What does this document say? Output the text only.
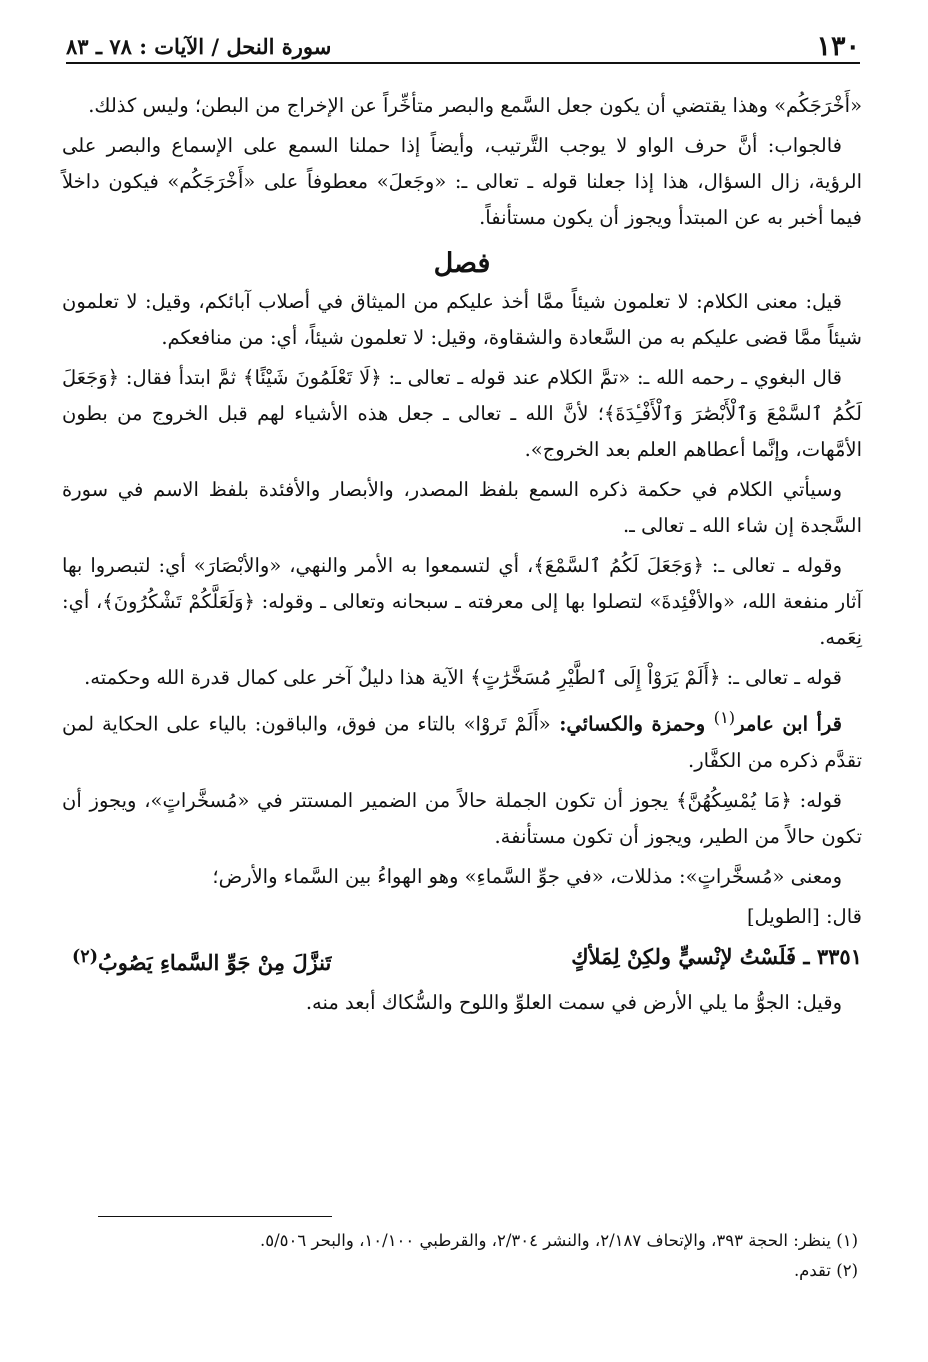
١٣٠
سورة النحل / الآيات : ٧٨ ـ ٨٣

«أَخْرَجَكُم» وهذا يقتضي أن يكون جعل السَّمع والبصر متأخِّراً عن الإخراج من البطن؛ وليس كذلك.

فالجواب: أنَّ حرف الواو لا يوجب التَّرتيب، وأيضاً إذا حملنا السمع على الإسماع والبصر على الرؤية، زال السؤال، هذا إذا جعلنا قوله ـ تعالى ـ: «وجَعلَ» معطوفاً على «أَخْرَجَكُم» فيكون داخلاً فيما أخبر به عن المبتدأ ويجوز أن يكون مستأنفاً.

فصل

قيل: معنى الكلام: لا تعلمون شيئاً ممَّا أخذ عليكم من الميثاق في أصلاب آبائكم، وقيل: لا تعلمون شيئاً ممَّا قضى عليكم به من السَّعادة والشقاوة، وقيل: لا تعلمون شيئاً، أي: من منافعكم.

قال البغوي ـ رحمه الله ـ: «تمَّ الكلام عند قوله ـ تعالى ـ: ﴿لَا تَعْلَمُونَ شَيْئًا﴾ ثمَّ ابتدأ فقال: ﴿وَجَعَلَ لَكُمُ ٱلسَّمْعَ وَٱلْأَبْصَٰرَ وَٱلْأَفْـِٔدَةَ﴾؛ لأنَّ الله ـ تعالى ـ جعل هذه الأشياء لهم قبل الخروج من بطون الأمَّهات، وإنَّما أعطاهم العلم بعد الخروج».

وسيأتي الكلام في حكمة ذكره السمع بلفظ المصدر، والأبصار والأفئدة بلفظ الاسم في سورة السَّجدة إن شاء الله ـ تعالى ـ.

وقوله ـ تعالى ـ: ﴿وَجَعَلَ لَكُمُ ٱلسَّمْعَ﴾، أي لتسمعوا به الأمر والنهي، «والأبْصَارَ» أي: لتبصروا بها آثار منفعة الله، «والأفْئِدةَ» لتصلوا بها إلى معرفته ـ سبحانه وتعالى ـ وقوله: ﴿وَلَعَلَّكُمْ تَشْكُرُونَ﴾، أي: نِعَمه.

قوله ـ تعالى ـ: ﴿أَلَمْ يَرَوْاْ إِلَى ٱلطَّيْرِ مُسَخَّرَٰتٍ﴾ الآية هذا دليلٌ آخر على كمال قدرة الله وحكمته.

قرأ ابن عامر$^{(١)}$ وحمزة والكسائي: «أَلَمْ تَروْا» بالتاء من فوق، والباقون: بالياء على الحكاية لمن تقدَّم ذكره من الكفَّار.

قوله: ﴿مَا يُمْسِكُهُنَّ﴾ يجوز أن تكون الجملة حالاً من الضمير المستتر في «مُسخَّراتٍ»، ويجوز أن تكون حالاً من الطير، ويجوز أن تكون مستأنفة.

ومعنى «مُسخَّراتٍ»: مذللات، «في جوِّ السَّماءِ» وهو الهواءُ بين السَّماء والأرض؛

قال: [الطويل]

٣٣٥١ ـ فَلَسْتُ لإنْسيٍّ ولكِنْ لِمَلأكٍ
تَنزَّلَ مِنْ جَوِّ السَّماءِ يَصُوبُ$^{(٢)}$

وقيل: الجوُّ ما يلي الأرض في سمت العلوِّ واللوح والسُّكاك أبعد منه.

(١) ينظر: الحجة ٣٩٣، والإتحاف ٢/١٨٧، والنشر ٢/٣٠٤، والقرطبي ١٠/١٠٠، والبحر ٥/٥٠٦.
(٢) تقدم.
